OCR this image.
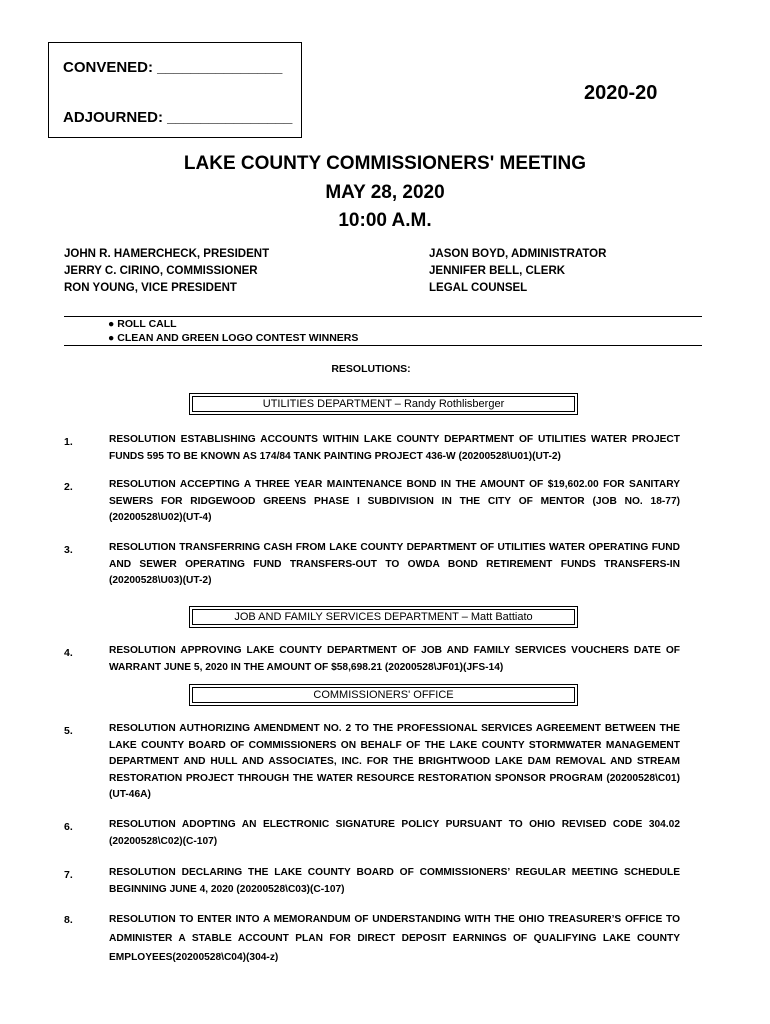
CONVENED: _______________
ADJOURNED: _______________
2020-20
LAKE COUNTY COMMISSIONERS' MEETING
MAY 28, 2020
10:00 A.M.
JOHN R. HAMERCHECK, PRESIDENT
JERRY C. CIRINO, COMMISSIONER
RON YOUNG, VICE PRESIDENT
JASON BOYD, ADMINISTRATOR
JENNIFER BELL, CLERK
LEGAL COUNSEL
● ROLL CALL
● CLEAN AND GREEN LOGO CONTEST WINNERS
RESOLUTIONS:
UTILITIES DEPARTMENT – Randy Rothlisberger
1.	RESOLUTION ESTABLISHING ACCOUNTS WITHIN LAKE COUNTY DEPARTMENT OF UTILITIES WATER PROJECT FUNDS 595 TO BE KNOWN AS 174/84 TANK PAINTING PROJECT 436-W (20200528\U01)(UT-2)
2.	RESOLUTION ACCEPTING A THREE YEAR MAINTENANCE BOND IN THE AMOUNT OF $19,602.00 FOR SANITARY SEWERS FOR RIDGEWOOD GREENS PHASE I SUBDIVISION IN THE CITY OF MENTOR (JOB NO. 18-77) (20200528\U02)(UT-4)
3.	RESOLUTION TRANSFERRING CASH FROM LAKE COUNTY DEPARTMENT OF UTILITIES WATER OPERATING FUND AND SEWER OPERATING FUND TRANSFERS-OUT TO OWDA BOND RETIREMENT FUNDS TRANSFERS-IN (20200528\U03)(UT-2)
JOB AND FAMILY SERVICES DEPARTMENT – Matt Battiato
4.	RESOLUTION APPROVING LAKE COUNTY DEPARTMENT OF JOB AND FAMILY SERVICES VOUCHERS DATE OF WARRANT JUNE 5, 2020 IN THE AMOUNT OF $58,698.21 (20200528\JF01)(JFS-14)
COMMISSIONERS' OFFICE
5.	RESOLUTION AUTHORIZING AMENDMENT NO. 2 TO THE PROFESSIONAL SERVICES AGREEMENT BETWEEN THE LAKE COUNTY BOARD OF COMMISSIONERS ON BEHALF OF THE LAKE COUNTY STORMWATER MANAGEMENT DEPARTMENT AND HULL AND ASSOCIATES, INC. FOR THE BRIGHTWOOD LAKE DAM REMOVAL AND STREAM RESTORATION PROJECT THROUGH THE WATER RESOURCE RESTORATION SPONSOR PROGRAM (20200528\C01)(UT-46A)
6.	RESOLUTION ADOPTING AN ELECTRONIC SIGNATURE POLICY PURSUANT TO OHIO REVISED CODE 304.02 (20200528\C02)(C-107)
7.	RESOLUTION DECLARING THE LAKE COUNTY BOARD OF COMMISSIONERS’ REGULAR MEETING SCHEDULE BEGINNING JUNE 4, 2020 (20200528\C03)(C-107)
8.	RESOLUTION TO ENTER INTO A MEMORANDUM OF UNDERSTANDING WITH THE OHIO TREASURER’S OFFICE TO ADMINISTER A STABLE ACCOUNT PLAN FOR DIRECT DEPOSIT EARNINGS OF QUALIFYING LAKE COUNTY EMPLOYEES(20200528\C04)(304-z)
